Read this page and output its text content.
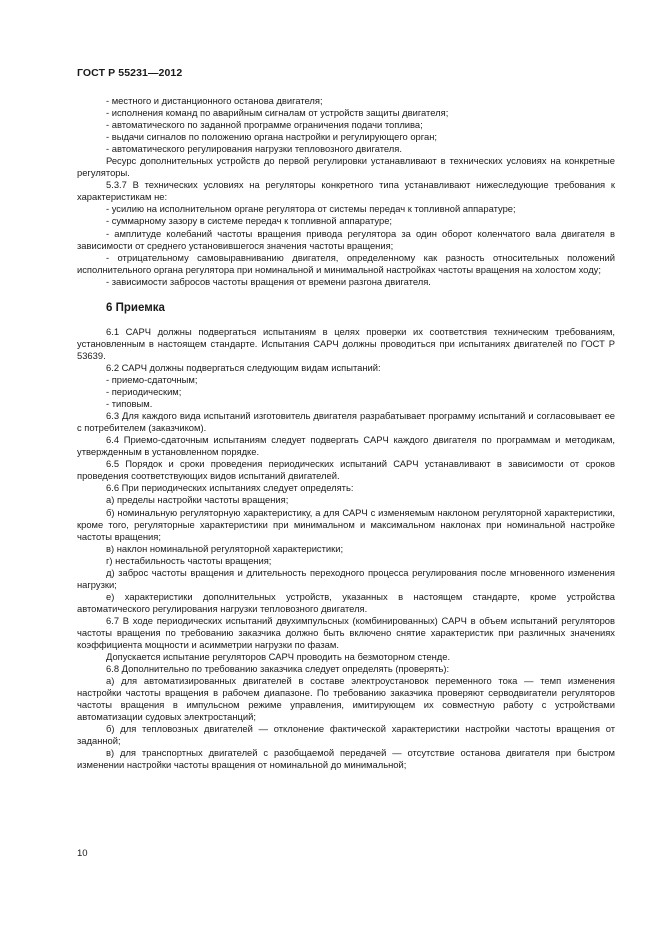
ГОСТ Р 55231—2012

- местного и дистанционного останова двигателя;

- исполнения команд по аварийным сигналам от устройств защиты двигателя;

- автоматического по заданной программе ограничения подачи топлива;

- выдачи сигналов по положению органа настройки и регулирующего орган;

- автоматического регулирования нагрузки тепловозного двигателя.

Ресурс дополнительных устройств до первой регулировки устанавливают в технических условиях на конкретные регуляторы.

5.3.7 В технических условиях на регуляторы конкретного типа устанавливают нижеследующие требования к характеристикам не:

- усилию на исполнительном органе регулятора от системы передач к топливной аппаратуре;

- суммарному зазору в системе передач к топливной аппаратуре;

- амплитуде колебаний частоты вращения привода регулятора за один оборот коленчатого вала двигателя в зависимости от среднего установившегося значения частоты вращения;

- отрицательному самовыравниванию двигателя, определенному как разность относительных положений исполнительного органа регулятора при номинальной и минимальной настройках частоты вращения на холостом ходу;

- зависимости забросов частоты вращения от времени разгона двигателя.

6 Приемка

6.1 САРЧ должны подвергаться испытаниям в целях проверки их соответствия техническим требованиям, установленным в настоящем стандарте. Испытания САРЧ должны проводиться при испытаниях двигателей по ГОСТ Р 53639.

6.2 САРЧ должны подвергаться следующим видам испытаний:

- приемо-сдаточным;

- периодическим;

- типовым.

6.3 Для каждого вида испытаний изготовитель двигателя разрабатывает программу испытаний и согласовывает ее с потребителем (заказчиком).

6.4 Приемо-сдаточным испытаниям следует подвергать САРЧ каждого двигателя по программам и методикам, утвержденным в установленном порядке.

6.5 Порядок и сроки проведения периодических испытаний САРЧ устанавливают в зависимости от сроков проведения соответствующих видов испытаний двигателей.

6.6 При периодических испытаниях следует определять:

а) пределы настройки частоты вращения;

б) номинальную регуляторную характеристику, а для САРЧ с изменяемым наклоном регуляторной характеристики, кроме того, регуляторные характеристики при минимальном и максимальном наклонах при номинальной настройке частоты вращения;

в) наклон номинальной регуляторной характеристики;

г) нестабильность частоты вращения;

д) заброс частоты вращения и длительность переходного процесса регулирования после мгновенного изменения нагрузки;

е) характеристики дополнительных устройств, указанных в настоящем стандарте, кроме устройства автоматического регулирования нагрузки тепловозного двигателя.

6.7 В ходе периодических испытаний двухимпульсных (комбинированных) САРЧ в объем испытаний регуляторов частоты вращения по требованию заказчика должно быть включено снятие характеристик при различных значениях коэффициента мощности и асимметрии нагрузки по фазам.

Допускается испытание регуляторов САРЧ проводить на безмоторном стенде.

6.8 Дополнительно по требованию заказчика следует определять (проверять):

а) для автоматизированных двигателей в составе электроустановок переменного тока — темп изменения настройки частоты вращения в рабочем диапазоне. По требованию заказчика проверяют серводвигатели регуляторов частоты вращения в импульсном режиме управления, имитирующем их совместную работу с устройствами автоматизации судовых электростанций;

б) для тепловозных двигателей — отклонение фактической характеристики настройки частоты вращения от заданной;

в) для транспортных двигателей с разобщаемой передачей — отсутствие останова двигателя при быстром изменении настройки частоты вращения от номинальной до минимальной;

10
